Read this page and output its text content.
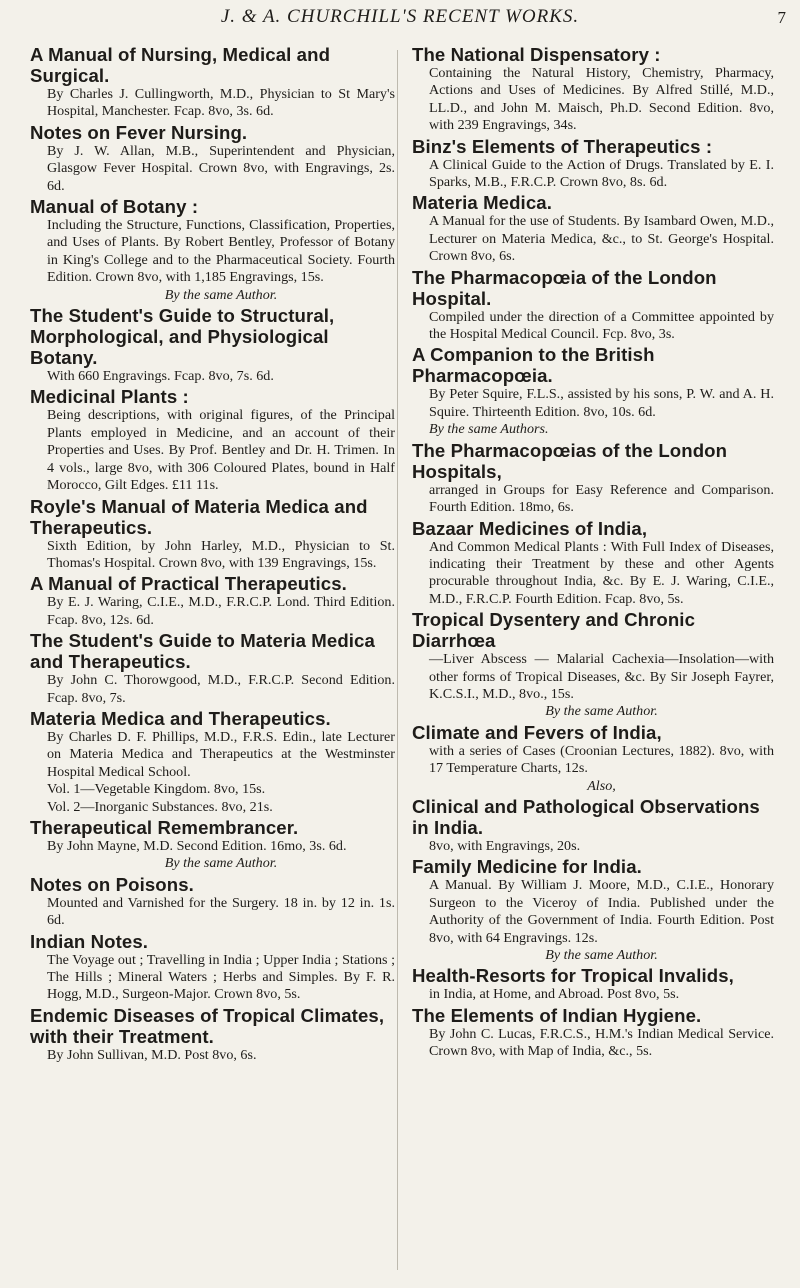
J. & A. CHURCHILL'S RECENT WORKS.	7
A Manual of Nursing, Medical and Surgical.
By Charles J. Cullingworth, M.D., Physician to St Mary's Hospital, Manchester. Fcap. 8vo, 3s. 6d.
Notes on Fever Nursing.
By J. W. Allan, M.B., Superintendent and Physician, Glasgow Fever Hospital. Crown 8vo, with Engravings, 2s. 6d.
Manual of Botany :
Including the Structure, Functions, Classification, Properties, and Uses of Plants. By Robert Bentley, Professor of Botany in King's College and to the Pharmaceutical Society. Fourth Edition. Crown 8vo, with 1,185 Engravings, 15s.
By the same Author.
The Student's Guide to Structural, Morphological, and Physiological Botany.
With 660 Engravings. Fcap. 8vo, 7s. 6d.
Medicinal Plants :
Being descriptions, with original figures, of the Principal Plants employed in Medicine, and an account of their Properties and Uses. By Prof. Bentley and Dr. H. Trimen. In 4 vols., large 8vo, with 306 Coloured Plates, bound in Half Morocco, Gilt Edges. £11 11s.
Royle's Manual of Materia Medica and Therapeutics.
Sixth Edition, by John Harley, M.D., Physician to St. Thomas's Hospital. Crown 8vo, with 139 Engravings, 15s.
A Manual of Practical Therapeutics.
By E. J. Waring, C.I.E., M.D., F.R.C.P. Lond. Third Edition. Fcap. 8vo, 12s. 6d.
The Student's Guide to Materia Medica and Therapeutics.
By John C. Thorowgood, M.D., F.R.C.P. Second Edition. Fcap. 8vo, 7s.
Materia Medica and Therapeutics.
By Charles D. F. Phillips, M.D., F.R.S. Edin., late Lecturer on Materia Medica and Therapeutics at the Westminster Hospital Medical School.
Vol. 1—Vegetable Kingdom. 8vo, 15s.
Vol. 2—Inorganic Substances. 8vo, 21s.
Therapeutical Remembrancer.
By John Mayne, M.D. Second Edition. 16mo, 3s. 6d.
By the same Author.
Notes on Poisons.
Mounted and Varnished for the Surgery. 18 in. by 12 in. 1s. 6d.
Indian Notes.
The Voyage out ; Travelling in India ; Upper India ; Stations ; The Hills ; Mineral Waters ; Herbs and Simples. By F. R. Hogg, M.D., Surgeon-Major. Crown 8vo, 5s.
Endemic Diseases of Tropical Climates, with their Treatment.
By John Sullivan, M.D. Post 8vo, 6s.
The National Dispensatory :
Containing the Natural History, Chemistry, Pharmacy, Actions and Uses of Medicines. By Alfred Stillé, M.D., LL.D., and John M. Maisch, Ph.D. Second Edition. 8vo, with 239 Engravings, 34s.
Binz's Elements of Therapeutics :
A Clinical Guide to the Action of Drugs. Translated by E. I. Sparks, M.B., F.R.C.P. Crown 8vo, 8s. 6d.
Materia Medica.
A Manual for the use of Students. By Isambard Owen, M.D., Lecturer on Materia Medica, &c., to St. George's Hospital. Crown 8vo, 6s.
The Pharmacopœia of the London Hospital.
Compiled under the direction of a Committee appointed by the Hospital Medical Council. Fcp. 8vo, 3s.
A Companion to the British Pharmacopœia.
By Peter Squire, F.L.S., assisted by his sons, P. W. and A. H. Squire. Thirteenth Edition. 8vo, 10s. 6d.
By the same Authors.
The Pharmacopœias of the London Hospitals,
arranged in Groups for Easy Reference and Comparison. Fourth Edition. 18mo, 6s.
Bazaar Medicines of India,
And Common Medical Plants : With Full Index of Diseases, indicating their Treatment by these and other Agents procurable throughout India, &c. By E. J. Waring, C.I.E., M.D., F.R.C.P. Fourth Edition. Fcap. 8vo, 5s.
Tropical Dysentery and Chronic Diarrhœa
—Liver Abscess — Malarial Cachexia—Insolation—with other forms of Tropical Diseases, &c. By Sir Joseph Fayrer, K.C.S.I., M.D., 8vo., 15s.
By the same Author.
Climate and Fevers of India,
with a series of Cases (Croonian Lectures, 1882). 8vo, with 17 Temperature Charts, 12s.
Also,
Clinical and Pathological Observations in India.
8vo, with Engravings, 20s.
Family Medicine for India.
A Manual. By William J. Moore, M.D., C.I.E., Honorary Surgeon to the Viceroy of India. Published under the Authority of the Government of India. Fourth Edition. Post 8vo, with 64 Engravings. 12s.
By the same Author.
Health-Resorts for Tropical Invalids,
in India, at Home, and Abroad. Post 8vo, 5s.
The Elements of Indian Hygiene.
By John C. Lucas, F.R.C.S., H.M.'s Indian Medical Service. Crown 8vo, with Map of India, &c., 5s.
